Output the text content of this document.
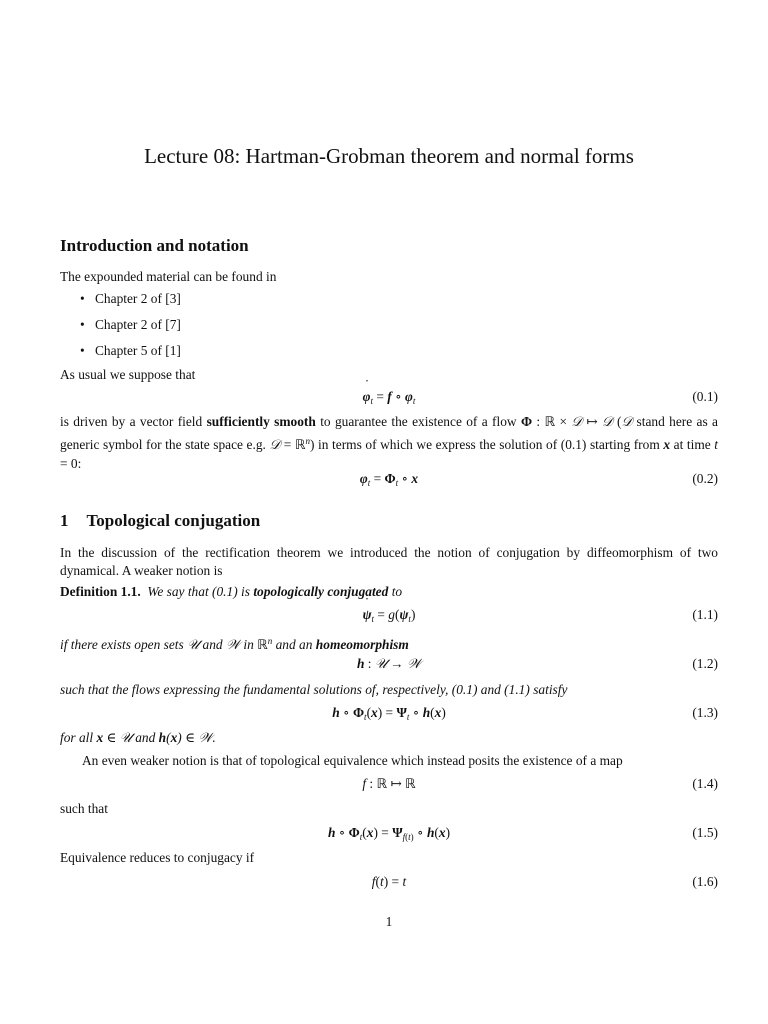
Lecture 08: Hartman-Grobman theorem and normal forms
Introduction and notation
The expounded material can be found in
• Chapter 2 of [3]
• Chapter 2 of [7]
• Chapter 5 of [1]
As usual we suppose that
˙ $\varphi_t = f$ ∘ $\varphi_t$	(0.1)
is driven by a vector field sufficiently smooth to guarantee the existence of a flow Φ : ℝ × 𝒟 ↦ 𝒟 (𝒟 stand here as a generic symbol for the state space e.g. 𝒟 = ℝ$^n$) in terms of which we express the solution of (0.1) starting from x at time t = 0:
$\varphi_t = \Phi_t$ ∘ x	(0.2)
1 Topological conjugation
In the discussion of the rectification theorem we introduced the notion of conjugation by diffeomorphism of two dynamical. A weaker notion is
Definition 1.1. We say that (0.1) is topologically conjugated to
˙ $\psi_t = g(\psi_t)$	(1.1)
if there exists open sets 𝒰 and 𝒲 in ℝ$^n$ and an homeomorphism
h : 𝒰 → 𝒲	(1.2)
such that the flows expressing the fundamental solutions of, respectively, (0.1) and (1.1) satisfy
h ∘ $\Phi_t(x) = \Psi_t$ ∘ h(x)	(1.3)
for all x ∈ 𝒰 and h(x) ∈ 𝒲.
An even weaker notion is that of topological equivalence which instead posits the existence of a map
f : ℝ ↦ ℝ	(1.4)
such that
h ∘ $\Phi_t(x) = \Psi_{f(t)}$ ∘ h(x)	(1.5)
Equivalence reduces to conjugacy if
f(t) = t	(1.6)
1
